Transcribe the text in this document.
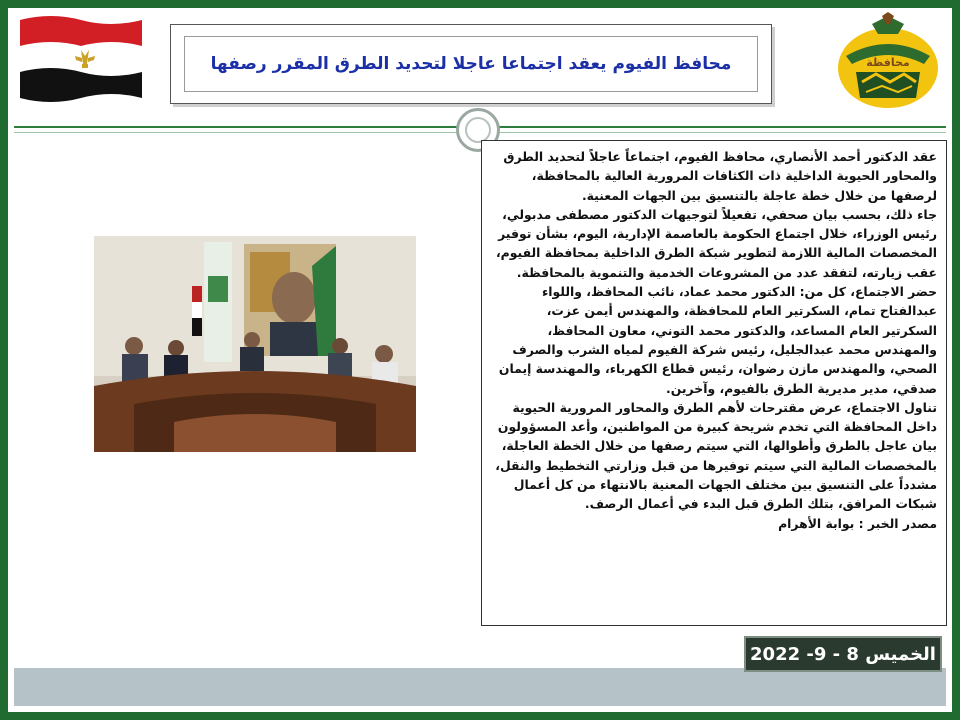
محافظة
محافظ الفيوم يعقد اجتماعا عاجلا لتحديد الطرق المقرر رصفها

عقد الدكتور أحمد الأنصاري، محافظ الفيوم، اجتماعاً عاجلاً لتحديد الطرق والمحاور الحيوية الداخلية ذات الكثافات المرورية العالية بالمحافظة، لرصفها من خلال خطة عاجلة بالتنسيق بين الجهات المعنية.

جاء ذلك، بحسب بيان صحفي، تفعيلاً لتوجيهات الدكتور مصطفى مدبولي، رئيس الوزراء، خلال اجتماع الحكومة بالعاصمة الإدارية، اليوم، بشأن توفير المخصصات المالية اللازمة لتطوير شبكة الطرق الداخلية بمحافظة الفيوم، عقب زيارته، لتفقد عدد من المشروعات الخدمية والتنموية بالمحافظة.

حضر الاجتماع، كل من: الدكتور محمد عماد، نائب المحافظ، واللواء عبدالفتاح تمام، السكرتير العام للمحافظة، والمهندس أيمن عزت، السكرتير العام المساعد، والدكتور محمد التوني، معاون المحافظ، والمهندس محمد عبدالجليل، رئيس شركة الفيوم لمياه الشرب والصرف الصحي، والمهندس مازن رضوان، رئيس قطاع الكهرباء، والمهندسة إيمان صدقي، مدير مديرية الطرق بالفيوم، وآخرين.

تناول الاجتماع، عرض مقترحات لأهم الطرق والمحاور المرورية الحيوية داخل المحافظة التي تخدم شريحة كبيرة من المواطنين، وأعد المسؤولون بيان عاجل بالطرق وأطوالها، التي سيتم رصفها من خلال الخطة العاجلة، بالمخصصات المالية التي سيتم توفيرها من قبل وزارتي التخطيط والنقل، مشدداً على التنسيق بين مختلف الجهات المعنية بالانتهاء من كل أعمال شبكات المرافق، بتلك الطرق قبل البدء في أعمال الرصف.

مصدر الخبر : بوابة الأهرام

الخميس 8 - 9- 2022
